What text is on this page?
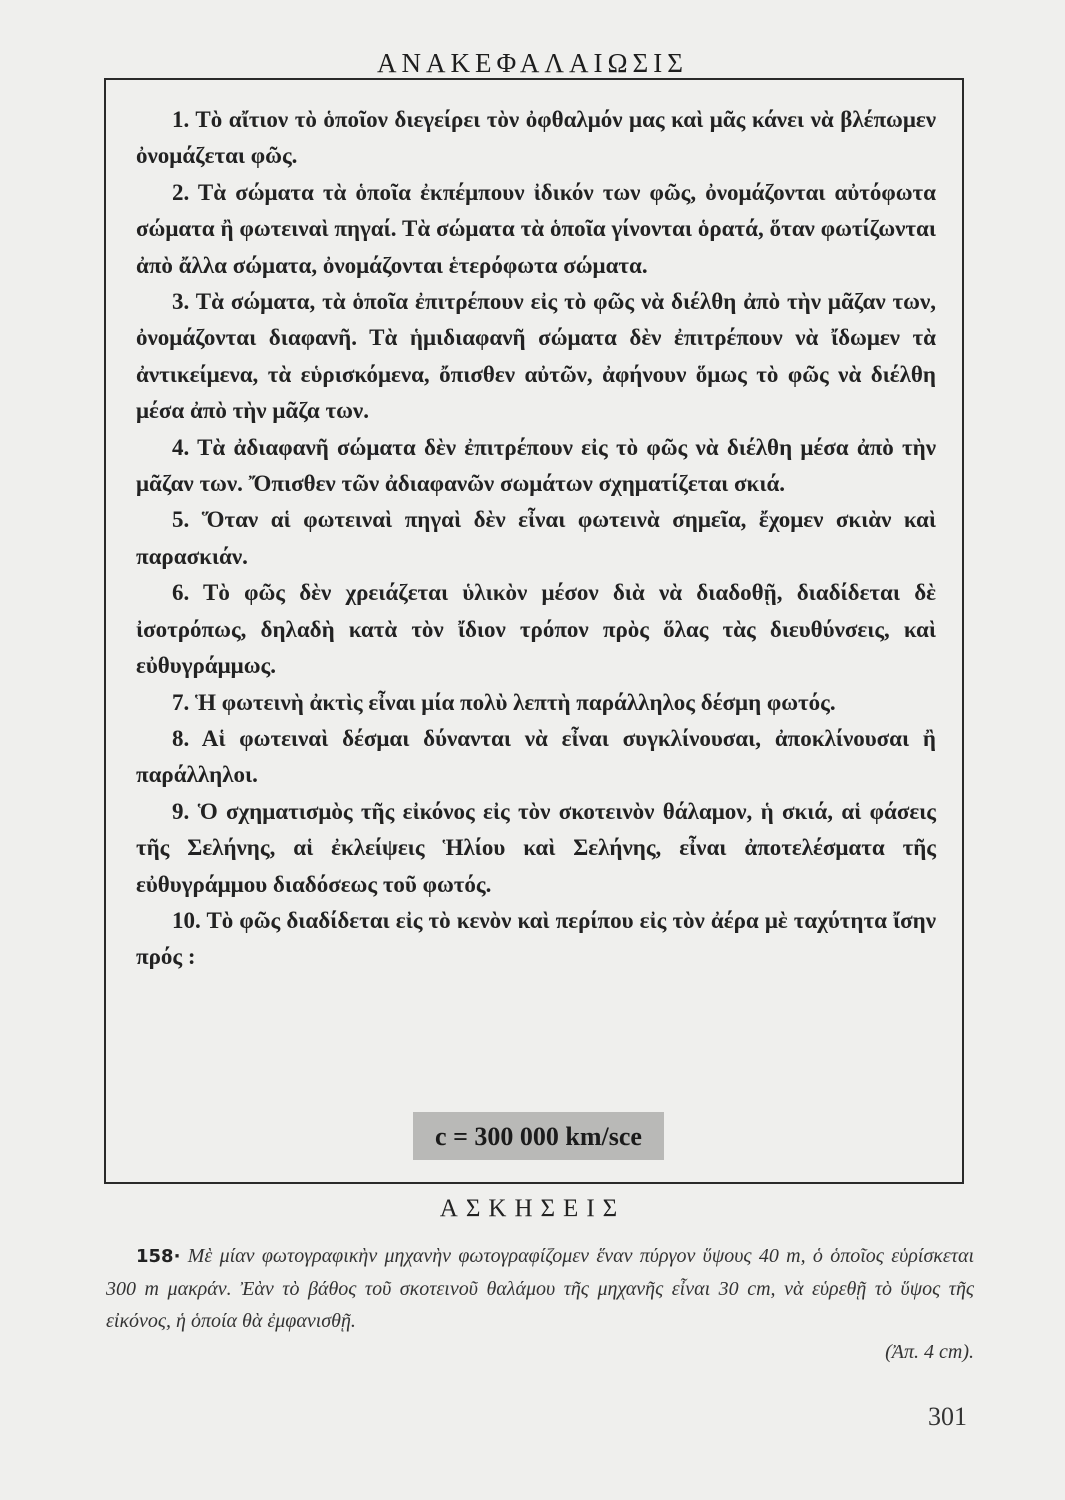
ΑΝΑΚΕΦΑΛΑΙΩΣΙΣ

1. Τὸ αἴτιον τὸ ὁποῖον διεγείρει τὸν ὀφθαλμόν μας καὶ μᾶς κάνει νὰ βλέπωμεν ὀνομάζεται φῶς.

2. Τὰ σώματα τὰ ὁποῖα ἐκπέμπουν ἰδικόν των φῶς, ὀνομάζονται αὐτόφωτα σώματα ἢ φωτειναὶ πηγαί. Τὰ σώματα τὰ ὁποῖα γίνονται ὁρατά, ὅταν φωτίζωνται ἀπὸ ἄλλα σώματα, ὀνομάζονται ἑτερόφωτα σώματα.

3. Τὰ σώματα, τὰ ὁποῖα ἐπιτρέπουν εἰς τὸ φῶς νὰ διέλθη ἀπὸ τὴν μᾶζαν των, ὀνομάζονται διαφανῆ. Τὰ ἡμιδιαφανῆ σώματα δὲν ἐπιτρέπουν νὰ ἴδωμεν τὰ ἀντικείμενα, τὰ εὑρισκόμενα, ὄπισθεν αὐτῶν, ἀφήνουν ὅμως τὸ φῶς νὰ διέλθη μέσα ἀπὸ τὴν μᾶζα των.

4. Τὰ ἀδιαφανῆ σώματα δὲν ἐπιτρέπουν εἰς τὸ φῶς νὰ διέλθη μέσα ἀπὸ τὴν μᾶζαν των. Ὄπισθεν τῶν ἀδιαφανῶν σωμάτων σχηματίζεται σκιά.

5. Ὅταν αἱ φωτειναὶ πηγαὶ δὲν εἶναι φωτεινὰ σημεῖα, ἔχομεν σκιὰν καὶ παρασκιάν.

6. Τὸ φῶς δὲν χρειάζεται ὑλικὸν μέσον διὰ νὰ διαδοθῇ, διαδίδεται δὲ ἰσοτρόπως, δηλαδὴ κατὰ τὸν ἴδιον τρόπον πρὸς ὅλας τὰς διευθύνσεις, καὶ εὐθυγράμμως.

7. Ἡ φωτεινὴ ἀκτὶς εἶναι μία πολὺ λεπτὴ παράλληλος δέσμη φωτός.

8. Αἱ φωτειναὶ δέσμαι δύνανται νὰ εἶναι συγκλίνουσαι, ἀποκλίνουσαι ἢ παράλληλοι.

9. Ὁ σχηματισμὸς τῆς εἰκόνος εἰς τὸν σκοτεινὸν θάλαμον, ἡ σκιά, αἱ φάσεις τῆς Σελήνης, αἱ ἐκλείψεις Ἡλίου καὶ Σελήνης, εἶναι ἀποτελέσματα τῆς εὐθυγράμμου διαδόσεως τοῦ φωτός.

10. Τὸ φῶς διαδίδεται εἰς τὸ κενὸν καὶ περίπου εἰς τὸν ἀέρα μὲ ταχύτητα ἴσην πρός :

c = 300 000 km/sce
ΑΣΚΗΣΕΙΣ

158· Μὲ μίαν φωτογραφικὴν μηχανὴν φωτογραφίζομεν ἕναν πύργον ὕψους 40 m, ὁ ὁποῖος εὑρίσκεται 300 m μακράν. Ἐὰν τὸ βάθος τοῦ σκοτεινοῦ θαλάμου τῆς μηχανῆς εἶναι 30 cm, νὰ εὑρεθῇ τὸ ὕψος τῆς εἰκόνος, ἡ ὁποία θὰ ἐμφανισθῇ.

(Ἀπ. 4 cm).
301
